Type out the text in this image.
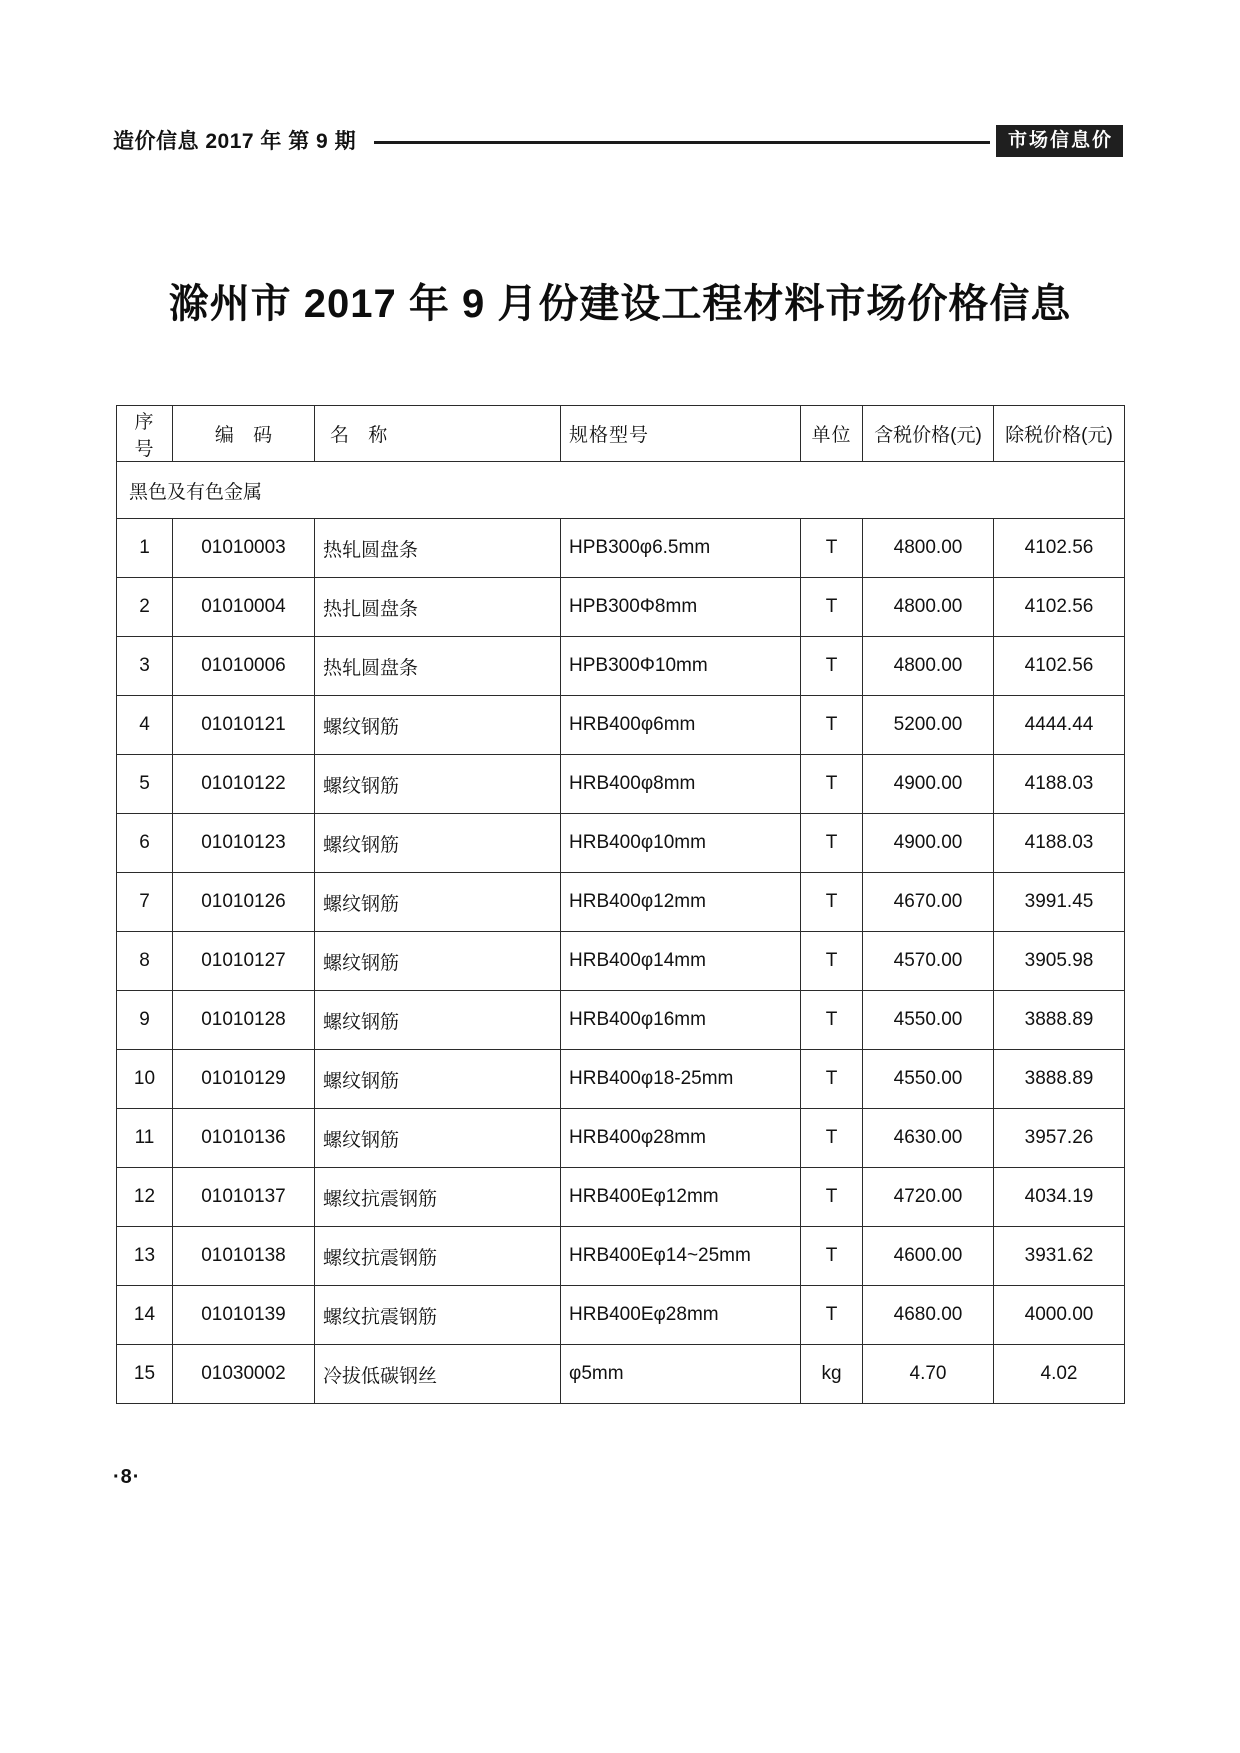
造价信息 2017 年 第 9 期	市场信息价
滁州市 2017 年 9 月份建设工程材料市场价格信息
序号	编 码	名 称	规格型号	单位	含税价格(元)	除税价格(元)
黑色及有色金属						
1	01010003	热轧圆盘条	HPB300φ6.5mm	T	4800.00	4102.56
2	01010004	热扎圆盘条	HPB300Φ8mm	T	4800.00	4102.56
3	01010006	热轧圆盘条	HPB300Φ10mm	T	4800.00	4102.56
4	01010121	螺纹钢筋	HRB400φ6mm	T	5200.00	4444.44
5	01010122	螺纹钢筋	HRB400φ8mm	T	4900.00	4188.03
6	01010123	螺纹钢筋	HRB400φ10mm	T	4900.00	4188.03
7	01010126	螺纹钢筋	HRB400φ12mm	T	4670.00	3991.45
8	01010127	螺纹钢筋	HRB400φ14mm	T	4570.00	3905.98
9	01010128	螺纹钢筋	HRB400φ16mm	T	4550.00	3888.89
10	01010129	螺纹钢筋	HRB400φ18-25mm	T	4550.00	3888.89
11	01010136	螺纹钢筋	HRB400φ28mm	T	4630.00	3957.26
12	01010137	螺纹抗震钢筋	HRB400Eφ12mm	T	4720.00	4034.19
13	01010138	螺纹抗震钢筋	HRB400Eφ14~25mm	T	4600.00	3931.62
14	01010139	螺纹抗震钢筋	HRB400Eφ28mm	T	4680.00	4000.00
15	01030002	冷拔低碳钢丝	φ5mm	kg	4.70	4.02
·8·
